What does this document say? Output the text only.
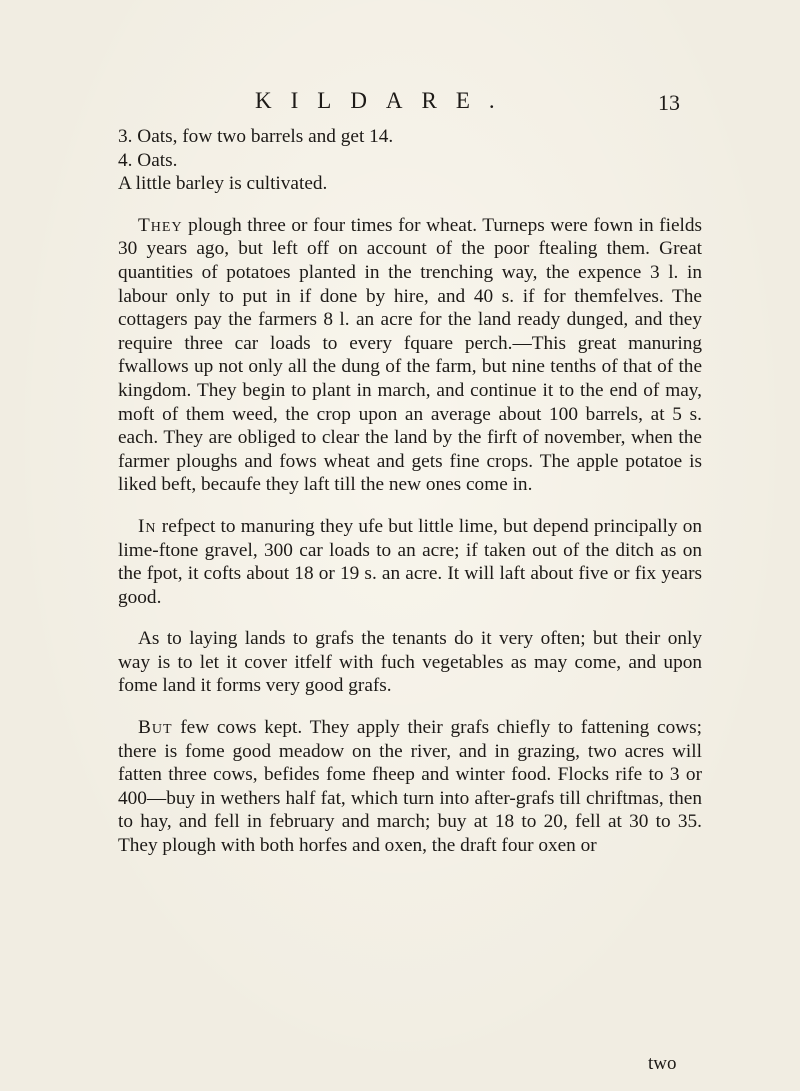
KILDARE.	13

3. Oats, fow two barrels and get 14.

4. Oats.

A little barley is cultivated.

They plough three or four times for wheat. Turneps were fown in fields 30 years ago, but left off on account of the poor ftealing them. Great quantities of potatoes planted in the trenching way, the expence 3 l. in labour only to put in if done by hire, and 40 s. if for themfelves. The cottagers pay the farmers 8 l. an acre for the land ready dunged, and they require three car loads to every fquare perch.—This great manuring fwallows up not only all the dung of the farm, but nine tenths of that of the kingdom. They begin to plant in march, and continue it to the end of may, moft of them weed, the crop upon an average about 100 barrels, at 5 s. each. They are obliged to clear the land by the firft of november, when the farmer ploughs and fows wheat and gets fine crops. The apple potatoe is liked beft, becaufe they laft till the new ones come in.

In refpect to manuring they ufe but little lime, but depend principally on lime-ftone gravel, 300 car loads to an acre; if taken out of the ditch as on the fpot, it cofts about 18 or 19 s. an acre. It will laft about five or fix years good.

As to laying lands to grafs the tenants do it very often; but their only way is to let it cover itfelf with fuch vegetables as may come, and upon fome land it forms very good grafs.

But few cows kept. They apply their grafs chiefly to fattening cows; there is fome good meadow on the river, and in grazing, two acres will fatten three cows, befides fome fheep and winter food. Flocks rife to 3 or 400—buy in wethers half fat, which turn into after-grafs till chriftmas, then to hay, and fell in february and march; buy at 18 to 20, fell at 30 to 35. They plough with both horfes and oxen, the draft four oxen or

two
